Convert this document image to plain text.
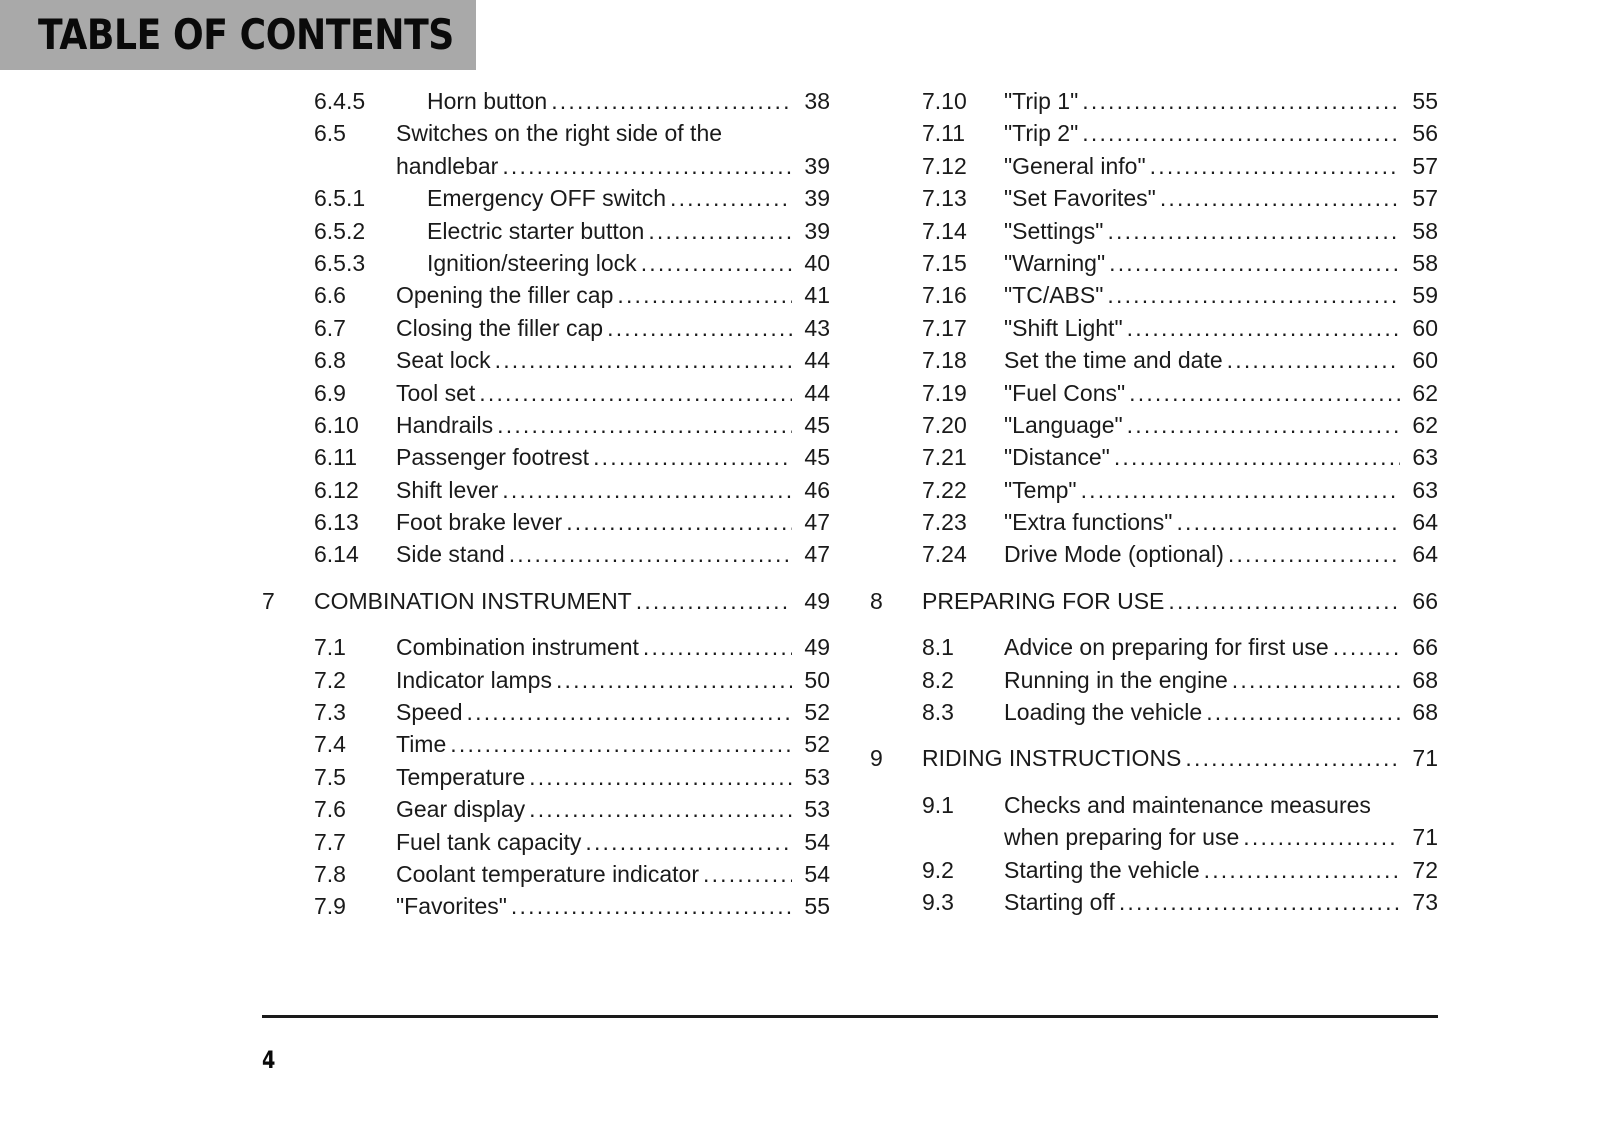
TABLE OF CONTENTS
6.4.5	Horn button .....	38
6.5 Switches on the right side of the
handlebar .....	39
6.5.1	Emergency OFF switch .....	39
6.5.2	Electric starter button .....	39
6.5.3	Ignition/steering lock .....	40
6.6 Opening the filler cap .....	41
6.7 Closing the filler cap .....	43
6.8 Seat lock .....	44
6.9 Tool set .....	44
6.10 Handrails .....	45
6.11 Passenger footrest .....	45
6.12 Shift lever .....	46
6.13 Foot brake lever .....	47
6.14 Side stand .....	47
7 COMBINATION INSTRUMENT .....	49
7.1 Combination instrument .....	49
7.2 Indicator lamps .....	50
7.3 Speed .....	52
7.4 Time .....	52
7.5 Temperature .....	53
7.6 Gear display .....	53
7.7 Fuel tank capacity .....	54
7.8 Coolant temperature indicator .....	54
7.9 "Favorites" .....	55
7.10 "Trip 1" .....	55
7.11 "Trip 2" .....	56
7.12 "General info" .....	57
7.13 "Set Favorites" .....	57
7.14 "Settings" .....	58
7.15 "Warning" .....	58
7.16 "TC/ABS" .....	59
7.17 "Shift Light" .....	60
7.18 Set the time and date .....	60
7.19 "Fuel Cons" .....	62
7.20 "Language" .....	62
7.21 "Distance" .....	63
7.22 "Temp" .....	63
7.23 "Extra functions" .....	64
7.24 Drive Mode (optional) .....	64
8 PREPARING FOR USE .....	66
8.1 Advice on preparing for first use .....	66
8.2 Running in the engine .....	68
8.3 Loading the vehicle .....	68
9 RIDING INSTRUCTIONS .....	71
9.1 Checks and maintenance measures
when preparing for use .....	71
9.2 Starting the vehicle .....	72
9.3 Starting off .....	73
4
